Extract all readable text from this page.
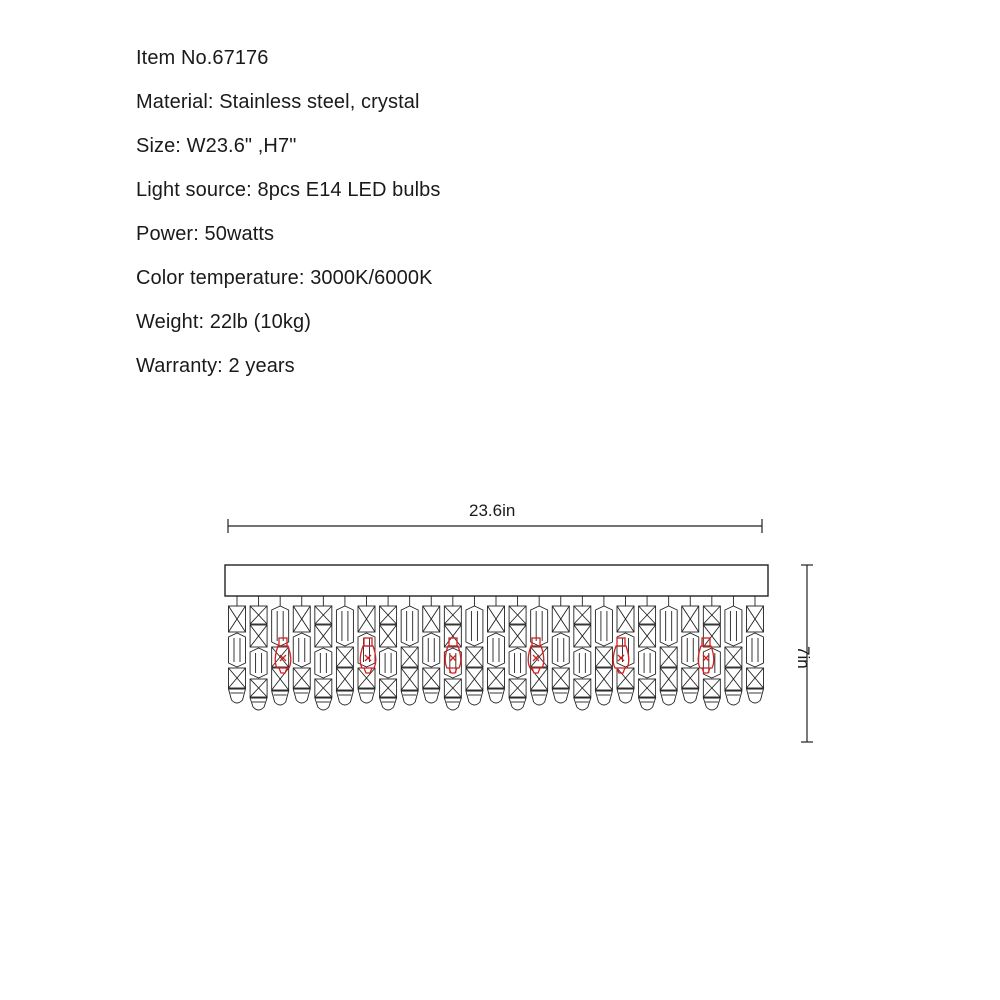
Item No.67176
Material: Stainless steel, crystal
Size: W23.6" ,H7"
Light source: 8pcs E14 LED bulbs
Power: 50watts
Color temperature: 3000K/6000K
Weight: 22lb (10kg)
Warranty: 2 years
23.6in
7in
